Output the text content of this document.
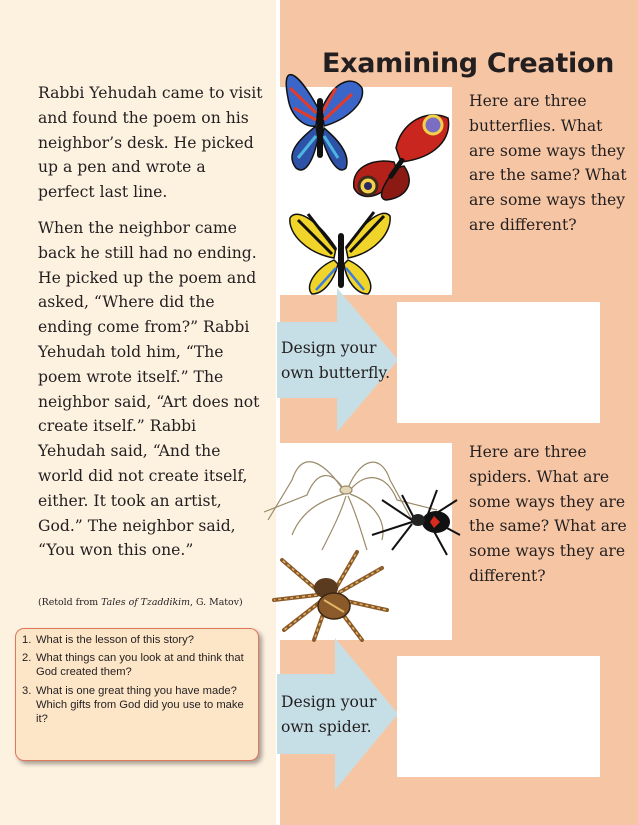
Rabbi Yehudah came to visit and found the poem on his neighbor’s desk. He picked up a pen and wrote a perfect last line.
When the neighbor came back he still had no ending. He picked up the poem and asked, “Where did the ending come from?” Rabbi Yehudah told him, “The poem wrote itself.” The neighbor said, “Art does not create itself.” Rabbi Yehudah said, “And the world did not create itself, either. It took an artist, God.” The neighbor said, “You won this one.”
(Retold from Tales of Tzaddikim, G. Matov)
1. What is the lesson of this story?
2. What things can you look at and think that God created them?
3. What is one great thing you have made? Which gifts from God did you use to make it?
Examining Creation
Here are three butterflies. What are some ways they are the same? What are some ways they are different?
Design your own butterfly.
Here are three spiders. What are some ways they are the same? What are some ways they are different?
Design your own spider.
